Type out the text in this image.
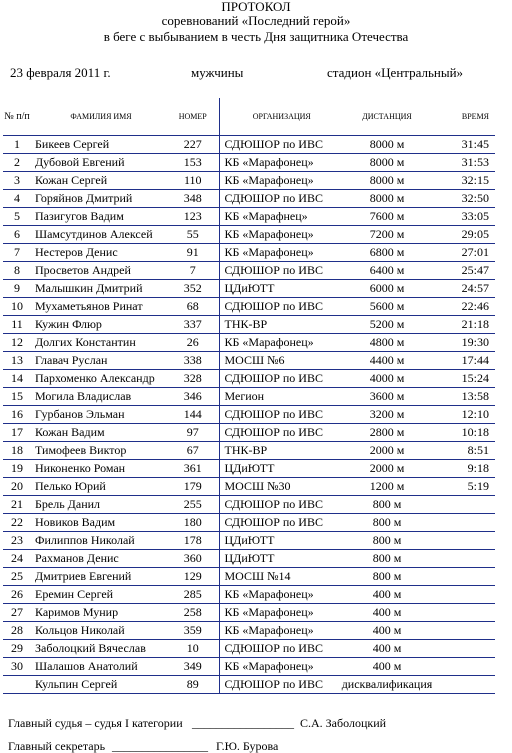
ПРОТОКОЛ
соревнований «Последний герой»
в беге с выбыванием в честь Дня защитника Отечества
23 февраля 2011 г.	мужчины	стадион «Центральный»
№ п/п	ФАМИЛИЯ ИМЯ	НОМЕР	ОРГАНИЗАЦИЯ	ДИСТАНЦИЯ	ВРЕМЯ
1	Бикеев Сергей	227	СДЮШОР по ИВС	8000 м	31:45
2	Дубовой Евгений	153	КБ «Марафонец»	8000 м	31:53
3	Кожан Сергей	110	КБ «Марафонец»	8000 м	32:15
4	Горяйнов Дмитрий	348	СДЮШОР по ИВС	8000 м	32:50
5	Пазигугов Вадим	123	КБ «Марафнец»	7600 м	33:05
6	Шамсутдинов Алексей	55	КБ «Марафонец»	7200 м	29:05
7	Нестеров Денис	91	КБ «Марафонец»	6800 м	27:01
8	Просветов Андрей	7	СДЮШОР по ИВС	6400 м	25:47
9	Малышкин Дмитрий	352	ЦДиЮТТ	6000 м	24:57
10	Мухаметьянов Ринат	68	СДЮШОР по ИВС	5600 м	22:46
11	Кужин Флюр	337	ТНК-ВР	5200 м	21:18
12	Долгих Константин	26	КБ «Марафонец»	4800 м	19:30
13	Главач Руслан	338	МОСШ №6	4400 м	17:44
14	Пархоменко Александр	328	СДЮШОР по ИВС	4000 м	15:24
15	Могила Владислав	346	Мегион	3600 м	13:58
16	Гурбанов Эльман	144	СДЮШОР по ИВС	3200 м	12:10
17	Кожан Вадим	97	СДЮШОР по ИВС	2800 м	10:18
18	Тимофеев Виктор	67	ТНК-ВР	2000 м	8:51
19	Никоненко Роман	361	ЦДиЮТТ	2000 м	9:18
20	Пелько Юрий	179	МОСШ №30	1200 м	5:19
21	Брель Данил	255	СДЮШОР по ИВС	800 м	
22	Новиков Вадим	180	СДЮШОР по ИВС	800 м	
23	Филиппов Николай	178	ЦДиЮТТ	800 м	
24	Рахманов Денис	360	ЦДиЮТТ	800 м	
25	Дмитриев Евгений	129	МОСШ №14	800 м	
26	Еремин Сергей	285	КБ «Марафонец»	400 м	
27	Каримов Мунир	258	КБ «Марафонец»	400 м	
28	Кольцов Николай	359	КБ «Марафонец»	400 м	
29	Заболоцкий Вячеслав	10	СДЮШОР по ИВС	400 м	
30	Шалашов Анатолий	349	КБ «Марафонец»	400 м	
	Кульпин Сергей	89	СДЮШОР по ИВС	дисквалификация	
Главный судья – судья I категории _________________ С.А. Заболоцкий
Главный секретарь ________________ Г.Ю. Бурова
